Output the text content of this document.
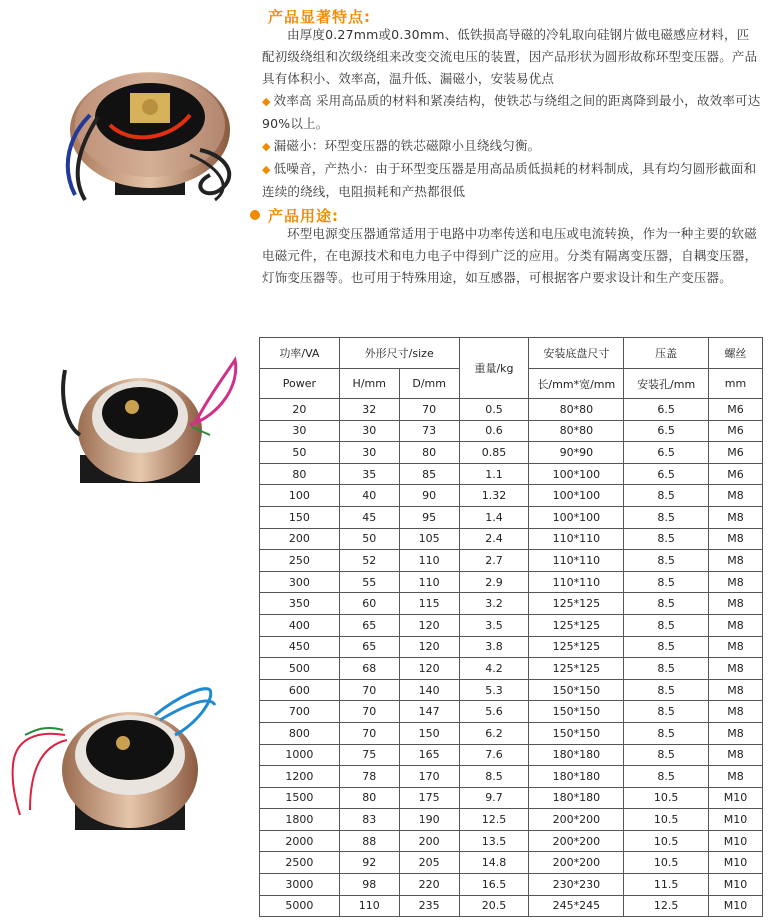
产品显著特点:

由厚度0.27mm或0.30mm、低铁损高导磁的冷轧取向硅钢片做电磁感应材料，匹配初级绕组和次级绕组来改变交流电压的装置，因产品形状为圆形故称环型变压器。产品具有体积小、效率高，温升低、漏磁小，安装易优点

◆ 效率高 采用高品质的材料和紧凑结构，使铁芯与绕组之间的距离降到最小，故效率可达90%以上。

◆ 漏磁小：环型变压器的铁芯磁隙小且绕线匀衡。

◆ 低噪音，产热小：由于环型变压器是用高品质低损耗的材料制成，具有均匀圆形截面和连续的绕线，电阻损耗和产热都很低

产品用途:

环型电源变压器通常适用于电路中功率传送和电压或电流转换，作为一种主要的软磁电磁元件，在电源技术和电力电子中得到广泛的应用。分类有隔离变压器，自耦变压器，灯饰变压器等。也可用于特殊用途，如互感器，可根据客户要求设计和生产变压器。

功率/VA	外形尺寸/size		重量/kg	安装底盘尺寸	压盖	螺丝
Power	H/mm	D/mm		长/mm*宽/mm	安装孔/mm	mm
20	32	70	0.5	80*80	6.5	M6
30	30	73	0.6	80*80	6.5	M6
50	30	80	0.85	90*90	6.5	M6
80	35	85	1.1	100*100	6.5	M6
100	40	90	1.32	100*100	8.5	M8
150	45	95	1.4	100*100	8.5	M8
200	50	105	2.4	110*110	8.5	M8
250	52	110	2.7	110*110	8.5	M8
300	55	110	2.9	110*110	8.5	M8
350	60	115	3.2	125*125	8.5	M8
400	65	120	3.5	125*125	8.5	M8
450	65	120	3.8	125*125	8.5	M8
500	68	120	4.2	125*125	8.5	M8
600	70	140	5.3	150*150	8.5	M8
700	70	147	5.6	150*150	8.5	M8
800	70	150	6.2	150*150	8.5	M8
1000	75	165	7.6	180*180	8.5	M8
1200	78	170	8.5	180*180	8.5	M8
1500	80	175	9.7	180*180	10.5	M10
1800	83	190	12.5	200*200	10.5	M10
2000	88	200	13.5	200*200	10.5	M10
2500	92	205	14.8	200*200	10.5	M10
3000	98	220	16.5	230*230	11.5	M10
5000	110	235	20.5	245*245	12.5	M10
